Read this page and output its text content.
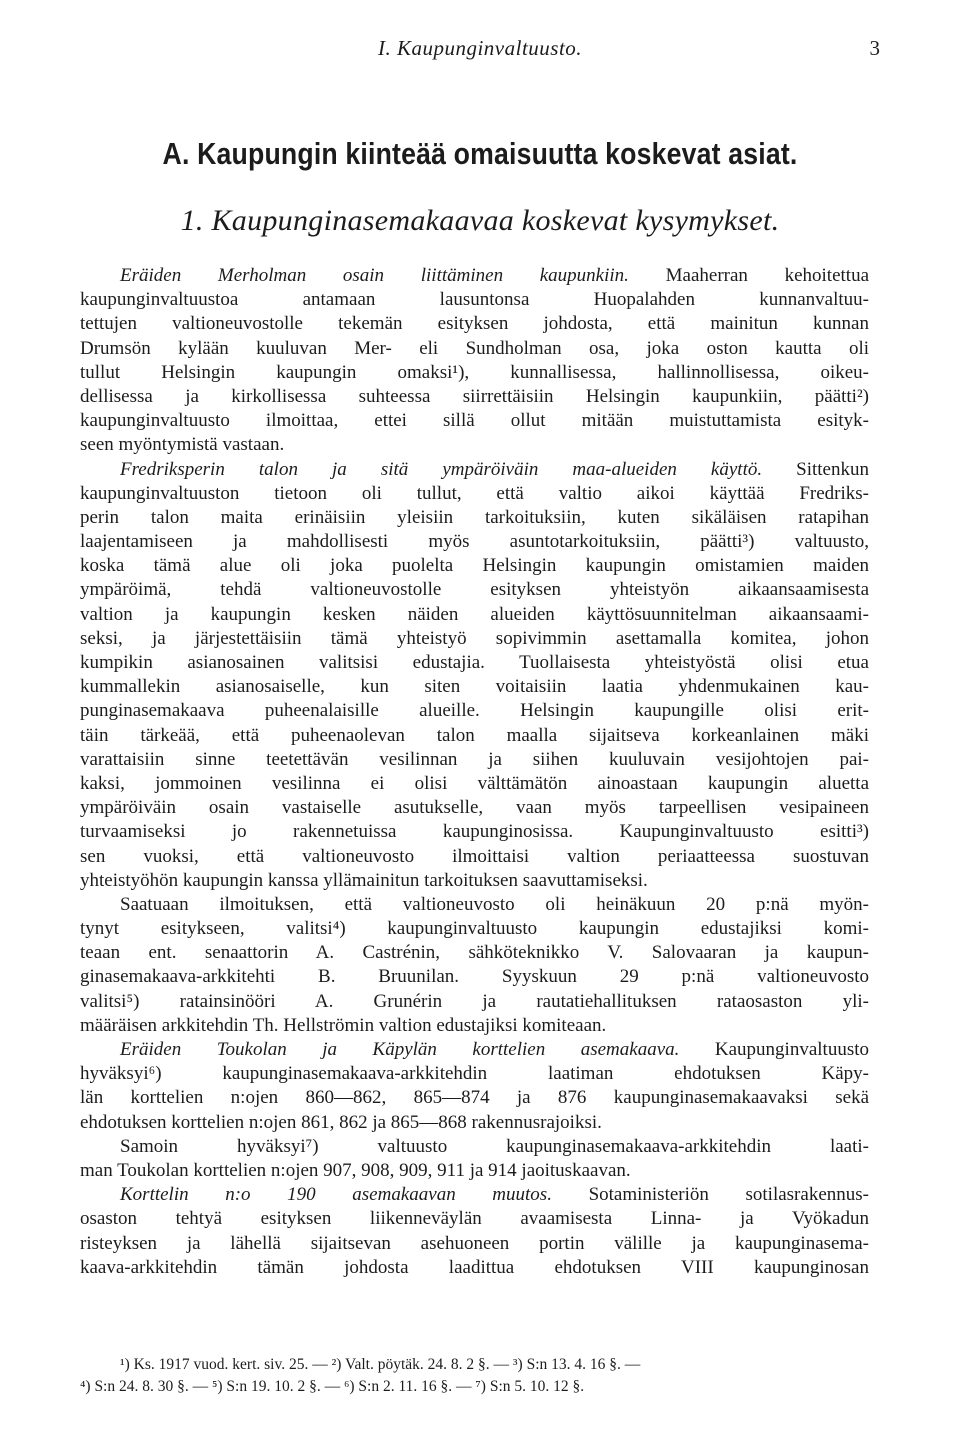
I. Kaupunginvaltuusto.	3
A. Kaupungin kiinteää omaisuutta koskevat asiat.
1. Kaupunginasemakaavaa koskevat kysymykset.
Eräiden Merholman osain liittäminen kaupunkiin. Maaherran kehoitettua
kaupunginvaltuustoa antamaan lausuntonsa Huopalahden kunnanvaltuu-
tettujen valtioneuvostolle tekemän esityksen johdosta, että mainitun kunnan
Drumsön kylään kuuluvan Mer- eli Sundholman osa, joka oston kautta oli
tullut Helsingin kaupungin omaksi¹), kunnallisessa, hallinnollisessa, oikeu-
dellisessa ja kirkollisessa suhteessa siirrettäisiin Helsingin kaupunkiin, päätti²)
kaupunginvaltuusto ilmoittaa, ettei sillä ollut mitään muistuttamista esityk-
seen myöntymistä vastaan.
Fredriksperin talon ja sitä ympäröiväin maa-alueiden käyttö. Sittenkun
kaupunginvaltuuston tietoon oli tullut, että valtio aikoi käyttää Fredriks-
perin talon maita erinäisiin yleisiin tarkoituksiin, kuten sikäläisen ratapihan
laajentamiseen ja mahdollisesti myös asuntotarkoituksiin, päätti³) valtuusto,
koska tämä alue oli joka puolelta Helsingin kaupungin omistamien maiden
ympäröimä, tehdä valtioneuvostolle esityksen yhteistyön aikaansaamisesta
valtion ja kaupungin kesken näiden alueiden käyttösuunnitelman aikaansaami-
seksi, ja järjestettäisiin tämä yhteistyö sopivimmin asettamalla komitea, johon
kumpikin asianosainen valitsisi edustajia. Tuollaisesta yhteistyöstä olisi etua
kummallekin asianosaiselle, kun siten voitaisiin laatia yhdenmukainen kau-
punginasemakaava puheenalaisille alueille. Helsingin kaupungille olisi erit-
täin tärkeää, että puheenaolevan talon maalla sijaitseva korkeanlainen mäki
varattaisiin sinne teetettävän vesilinnan ja siihen kuuluvain vesijohtojen pai-
kaksi, jommoinen vesilinna ei olisi välttämätön ainoastaan kaupungin aluetta
ympäröiväin osain vastaiselle asutukselle, vaan myös tarpeellisen vesipaineen
turvaamiseksi jo rakennetuissa kaupunginosissa. Kaupunginvaltuusto esitti³)
sen vuoksi, että valtioneuvosto ilmoittaisi valtion periaatteessa suostuvan
yhteistyöhön kaupungin kanssa yllämainitun tarkoituksen saavuttamiseksi.
Saatuaan ilmoituksen, että valtioneuvosto oli heinäkuun 20 p:nä myön-
tynyt esitykseen, valitsi⁴) kaupunginvaltuusto kaupungin edustajiksi komi-
teaan ent. senaattorin A. Castrénin, sähköteknikko V. Salovaaran ja kaupun-
ginasemakaava-arkkitehti B. Bruunilan. Syyskuun 29 p:nä valtioneuvosto
valitsi⁵) ratainsinööri A. Grunérin ja rautatiehallituksen rataosaston yli-
määräisen arkkitehdin Th. Hellströmin valtion edustajiksi komiteaan.
Eräiden Toukolan ja Käpylän korttelien asemakaava. Kaupunginvaltuusto
hyväksyi⁶) kaupunginasemakaava-arkkitehdin laatiman ehdotuksen Käpy-
län korttelien n:ojen 860—862, 865—874 ja 876 kaupunginasemakaavaksi sekä
ehdotuksen korttelien n:ojen 861, 862 ja 865—868 rakennusrajoiksi.
Samoin hyväksyi⁷) valtuusto kaupunginasemakaava-arkkitehdin laati-
man Toukolan korttelien n:ojen 907, 908, 909, 911 ja 914 jaoituskaavan.
Korttelin n:o 190 asemakaavan muutos. Sotaministeriön sotilasrakennus-
osaston tehtyä esityksen liikenneväylän avaamisesta Linna- ja Vyökadun
risteyksen ja lähellä sijaitsevan asehuoneen portin välille ja kaupunginasema-
kaava-arkkitehdin tämän johdosta laadittua ehdotuksen VIII kaupunginosan
¹) Ks. 1917 vuod. kert. siv. 25. — ²) Valt. pöytäk. 24. 8. 2 §. — ³) S:n 13. 4. 16 §. —
⁴) S:n 24. 8. 30 §. — ⁵) S:n 19. 10. 2 §. — ⁶) S:n 2. 11. 16 §. — ⁷) S:n 5. 10. 12 §.
